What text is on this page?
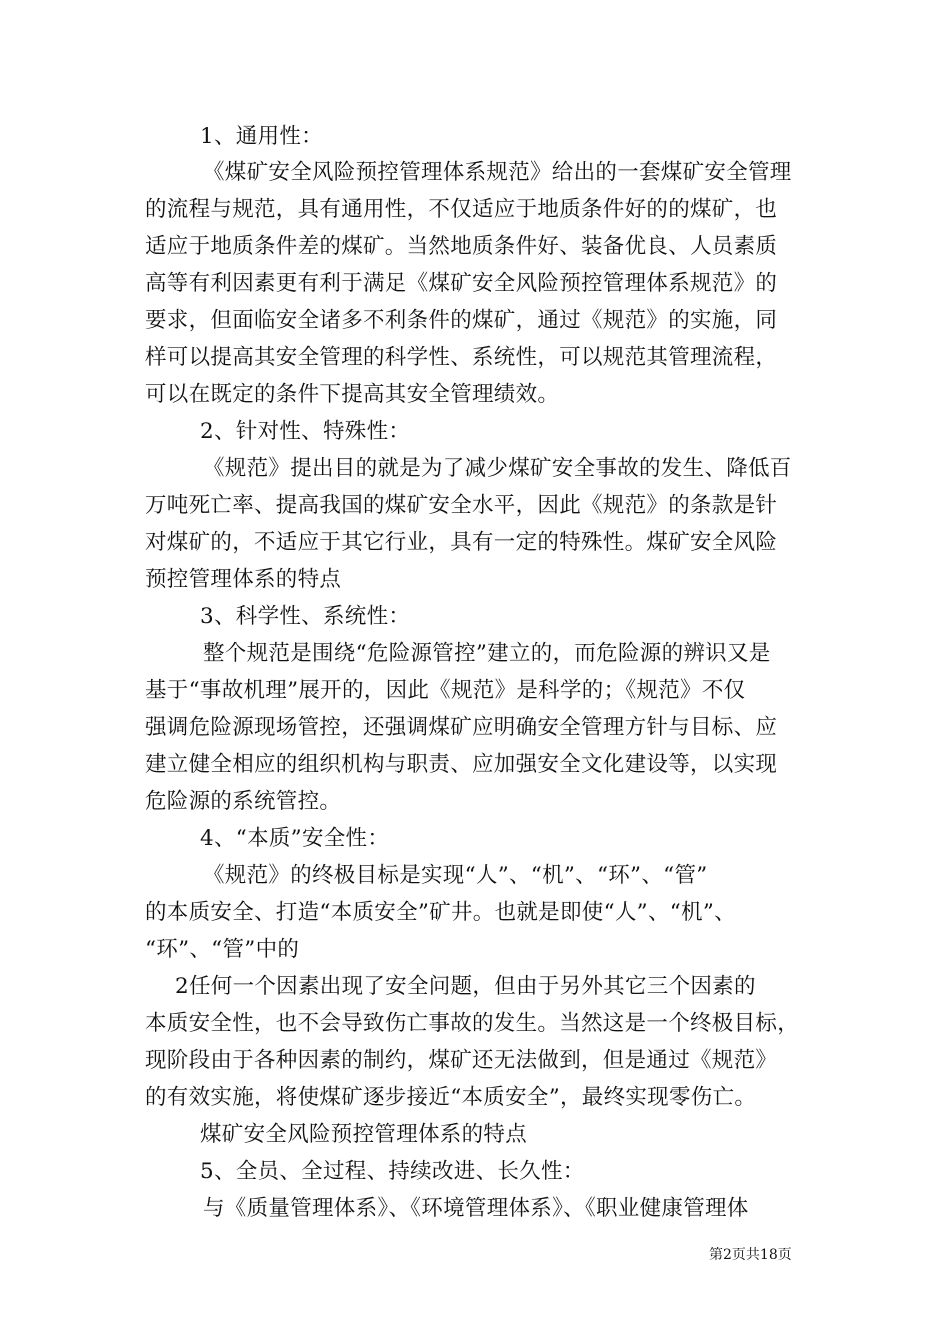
1、通用性：
《煤矿安全风险预控管理体系规范》给出的一套煤矿安全管理
的流程与规范，具有通用性，不仅适应于地质条件好的的煤矿，也
适应于地质条件差的煤矿。当然地质条件好、装备优良、人员素质
高等有利因素更有利于满足《煤矿安全风险预控管理体系规范》的
要求，但面临安全诸多不利条件的煤矿，通过《规范》的实施，同
样可以提高其安全管理的科学性、系统性，可以规范其管理流程，
可以在既定的条件下提高其安全管理绩效。
2、针对性、特殊性：
《规范》提出目的就是为了减少煤矿安全事故的发生、降低百
万吨死亡率、提高我国的煤矿安全水平，因此《规范》的条款是针
对煤矿的，不适应于其它行业，具有一定的特殊性。煤矿安全风险
预控管理体系的特点
3、科学性、系统性：
整个规范是围绕“危险源管控”建立的，而危险源的辨识又是
基于“事故机理”展开的，因此《规范》是科学的；《规范》不仅
强调危险源现场管控，还强调煤矿应明确安全管理方针与目标、应
建立健全相应的组织机构与职责、应加强安全文化建设等，以实现
危险源的系统管控。
4、“本质”安全性：
《规范》的终极目标是实现“人”、“机”、“环”、“管”
的本质安全、打造“本质安全”矿井。也就是即使“人”、“机”、
“环”、“管”中的
2任何一个因素出现了安全问题，但由于另外其它三个因素的
本质安全性，也不会导致伤亡事故的发生。当然这是一个终极目标，
现阶段由于各种因素的制约，煤矿还无法做到，但是通过《规范》
的有效实施，将使煤矿逐步接近“本质安全”，最终实现零伤亡。
煤矿安全风险预控管理体系的特点
5、全员、全过程、持续改进、长久性：
与《质量管理体系》、《环境管理体系》、《职业健康管理体
第2页共18页
